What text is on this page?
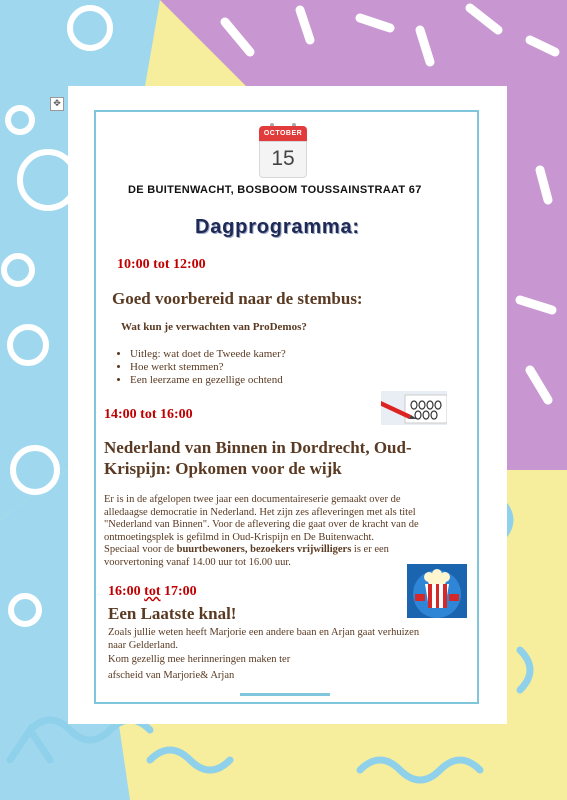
✥
OCTOBER
15
DE BUITENWACHT, BOSBOOM TOUSSAINSTRAAT 67
Dagprogramma:
10:00 tot 12:00
Goed voorbereid naar de stembus:
Wat kun je verwachten van ProDemos?
• Uitleg: wat doet de Tweede kamer?
• Hoe werkt stemmen?
• Een leerzame en gezellige ochtend
14:00 tot 16:00
Nederland van Binnen in Dordrecht, Oud-
Krispijn: Opkomen voor de wijk
Er is in de afgelopen twee jaar een documentaireserie gemaakt over de
alledaagse democratie in Nederland. Het zijn zes afleveringen met als titel
"Nederland van Binnen". Voor de aflevering die gaat over de kracht van de
ontmoetingsplek is gefilmd in Oud-Krispijn en De Buitenwacht.
Speciaal voor de buurtbewoners, bezoekers vrijwilligers is er een
voorvertoning vanaf 14.00 uur tot 16.00 uur.
16:00 tot 17:00
Een Laatste knal!
Zoals jullie weten heeft Marjorie een andere baan en Arjan gaat verhuizen
naar Gelderland.
Kom gezellig mee herinneringen maken ter
afscheid van Marjorie& Arjan
